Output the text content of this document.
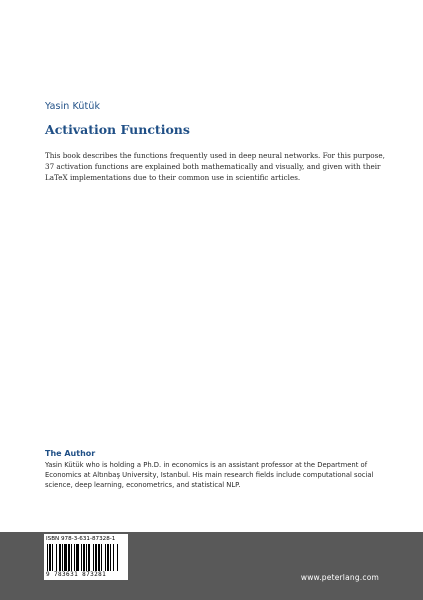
Yasin Kütük
Activation Functions
This book describes the functions frequently used in deep neural networks. For this purpose, 37 activation functions are explained both mathematically and visually, and given with their LaTeX implementations due to their common use in scientific articles.
The Author
Yasin Kütük who is holding a Ph.D. in economics is an assistant professor at the Department of Economics at Altınbaş University, Istanbul. His main research fields include computational social science, deep learning, econometrics, and statistical NLP.
ISBN 978-3-631-87328-1
9 783631 873281	www.peterlang.com
